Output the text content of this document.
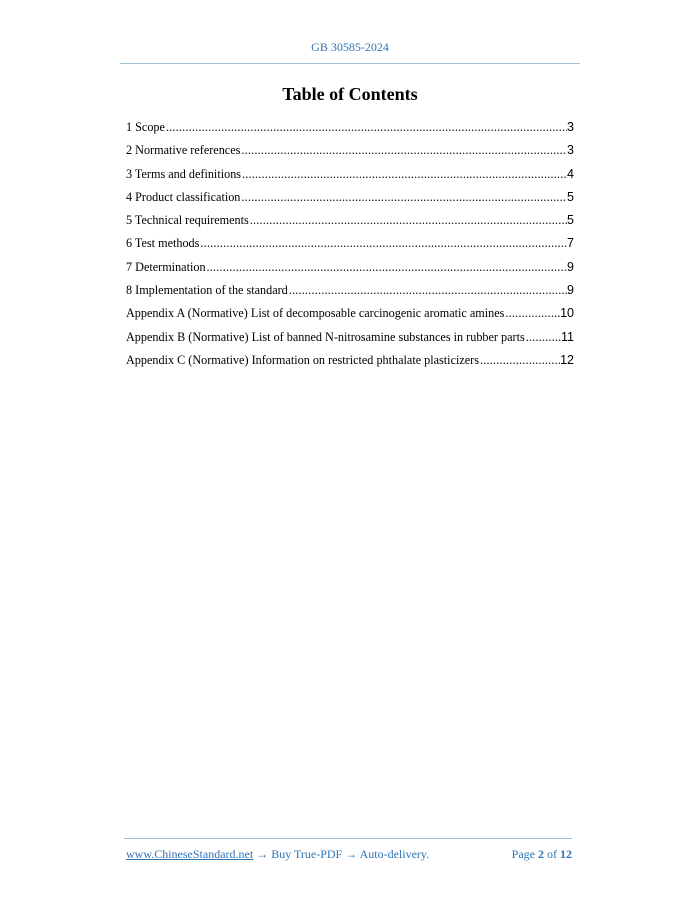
GB 30585-2024
Table of Contents
1 Scope .....	3
2 Normative references .....	3
3 Terms and definitions .....	4
4 Product classification .....	5
5 Technical requirements .....	5
6 Test methods .....	7
7 Determination .....	9
8 Implementation of the standard .....	9
Appendix A (Normative) List of decomposable carcinogenic aromatic amines .....	10
Appendix B (Normative) List of banned N-nitrosamine substances in rubber parts .....	11
Appendix C (Normative) Information on restricted phthalate plasticizers .....	12
www.ChineseStandard.net → Buy True-PDF → Auto-delivery.	Page 2 of 12
